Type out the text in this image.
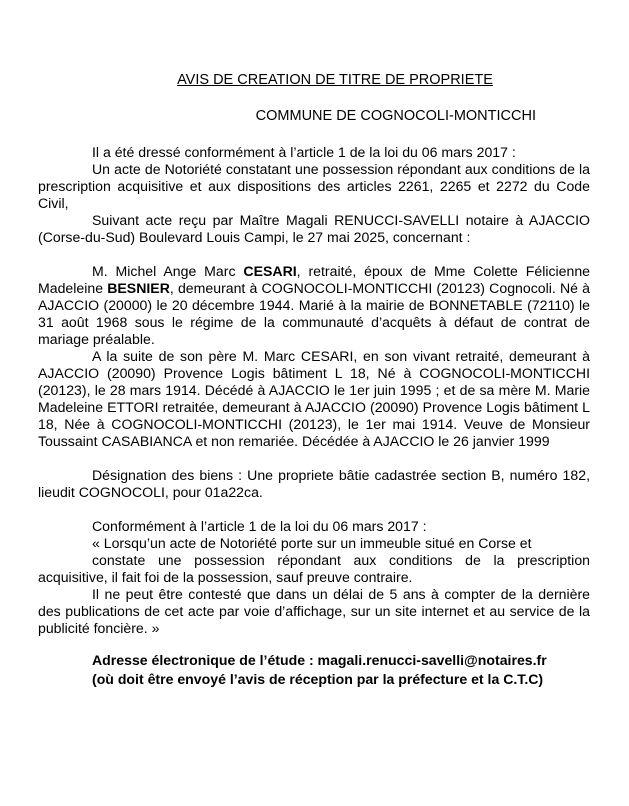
AVIS DE CREATION DE TITRE DE PROPRIETE
COMMUNE DE COGNOCOLI-MONTICCHI

Il a été dressé conformément à l’article 1 de la loi du 06 mars 2017 :

Un acte de Notoriété constatant une possession répondant aux conditions de la prescription acquisitive et aux dispositions des articles 2261, 2265 et 2272 du Code Civil,

Suivant acte reçu par Maître Magali RENUCCI-SAVELLI notaire à AJACCIO (Corse-du-Sud) Boulevard Louis Campi, le 27 mai 2025, concernant :

M. Michel Ange Marc CESARI, retraité, époux de Mme Colette Félicienne Madeleine BESNIER, demeurant à COGNOCOLI-MONTICCHI (20123) Cognocoli. Né à AJACCIO (20000) le 20 décembre 1944. Marié à la mairie de BONNETABLE (72110) le 31 août 1968 sous le régime de la communauté d’acquêts à défaut de contrat de mariage préalable.

A la suite de son père M. Marc CESARI, en son vivant retraité, demeurant à AJACCIO (20090) Provence Logis bâtiment L 18, Né à COGNOCOLI-MONTICCHI (20123), le 28 mars 1914. Décédé à AJACCIO le 1er juin 1995 ; et de sa mère M. Marie Madeleine ETTORI retraitée, demeurant à AJACCIO (20090) Provence Logis bâtiment L 18, Née à COGNOCOLI-MONTICCHI (20123), le 1er mai 1914. Veuve de Monsieur Toussaint CASABIANCA et non remariée. Décédée à AJACCIO le 26 janvier 1999

Désignation des biens : Une propriete bâtie cadastrée section B, numéro 182, lieudit COGNOCOLI, pour 01a22ca.

Conformément à l’article 1 de la loi du 06 mars 2017 :

« Lorsqu’un acte de Notoriété porte sur un immeuble situé en Corse et

constate une possession répondant aux conditions de la prescription acquisitive, il fait foi de la possession, sauf preuve contraire.

Il ne peut être contesté que dans un délai de 5 ans à compter de la dernière des publications de cet acte par voie d’affichage, sur un site internet et au service de la publicité foncière. »

Adresse électronique de l’étude : magali.renucci-savelli@notaires.fr
(où doit être envoyé l’avis de réception par la préfecture et la C.T.C)
